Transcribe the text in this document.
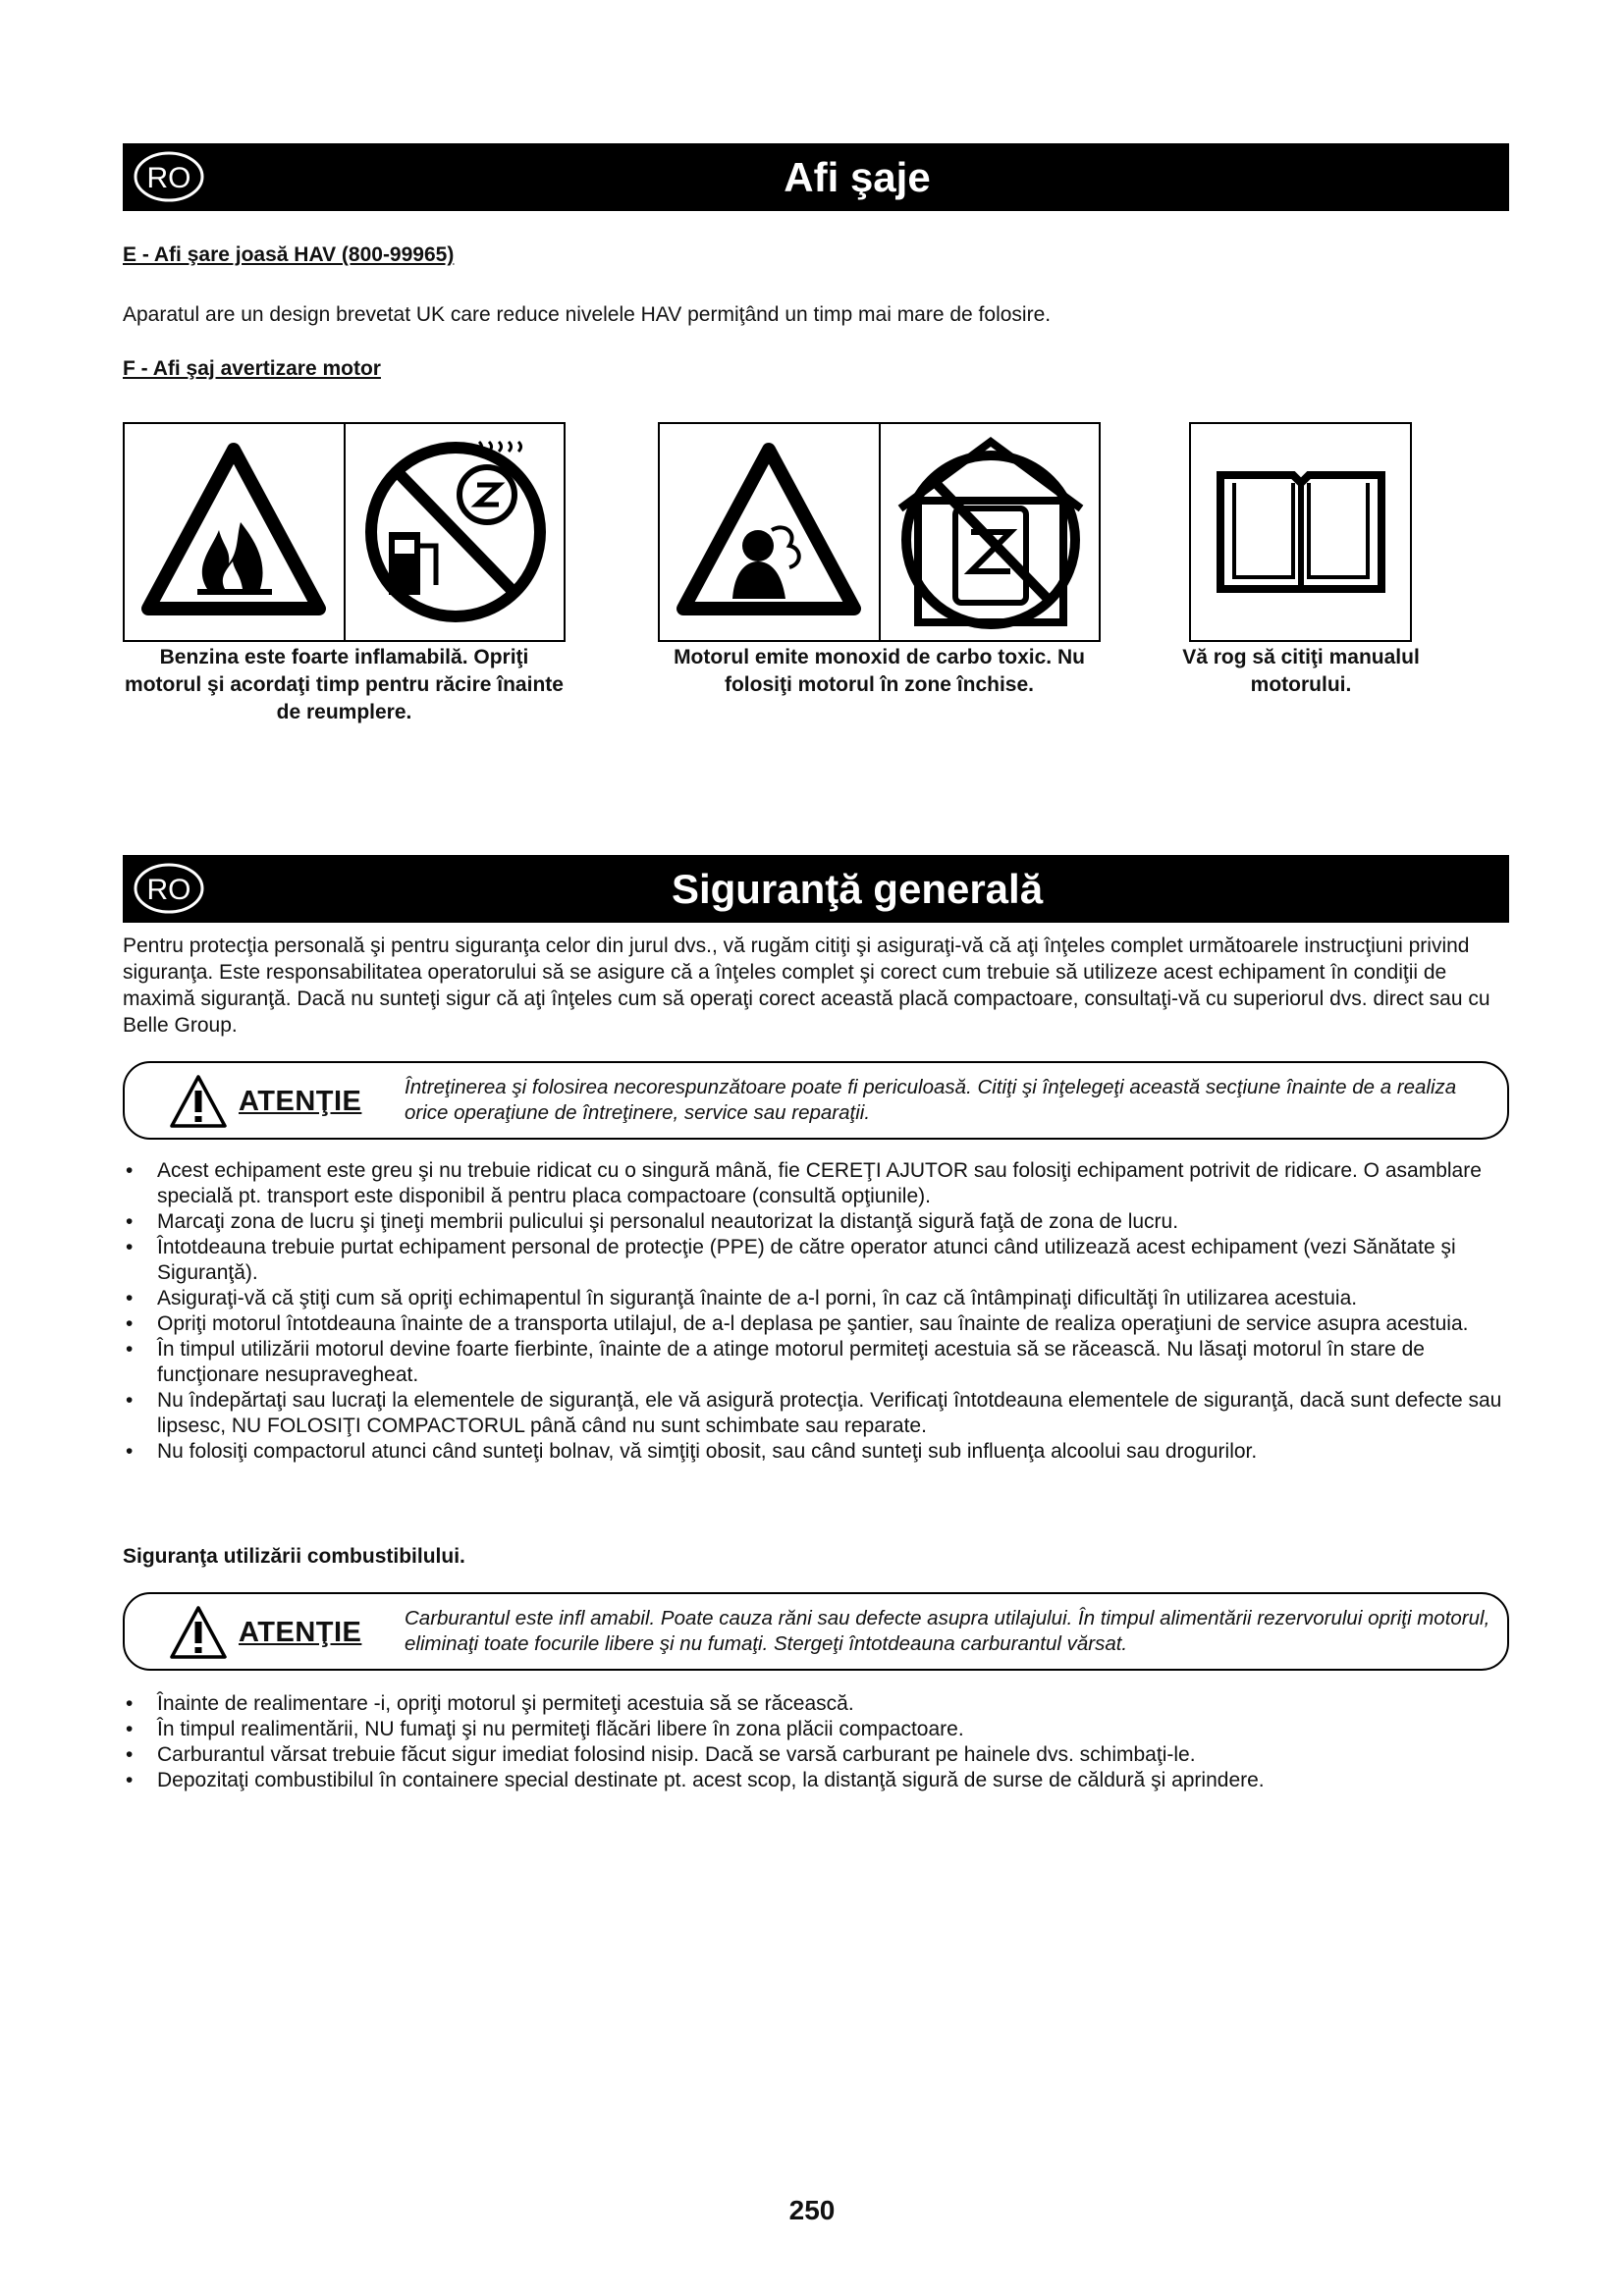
RO	Afi şaje
E - Afi şare joasă HAV (800-99965)
Aparatul are un design brevetat UK care reduce nivelele HAV permiţând un timp mai mare de folosire.
F - Afi şaj avertizare motor
Benzina este foarte inflamabilă. Opriţi motorul şi acordaţi timp pentru răcire înainte de reumplere.
Motorul emite monoxid de carbo toxic. Nu folosiţi motorul în zone închise.
Vă rog să citiţi manualul motorului.
RO	Siguranţă generală
Pentru protecţia personală şi pentru siguranţa celor din jurul dvs., vă rugăm citiţi şi asiguraţi-vă că aţi înţeles complet următoarele instrucţiuni privind siguranţa. Este responsabilitatea operatorului să se asigure că a înţeles complet şi corect cum trebuie să utilizeze acest echipament în condiţii de maximă siguranţă. Dacă nu sunteţi sigur că aţi înţeles cum să operaţi corect această placă compactoare, consultaţi-vă cu superiorul dvs. direct sau cu Belle Group.
ATENŢIE Întreţinerea şi folosirea necorespunzătoare poate fi periculoasă. Citiţi şi înţelegeţi această secţiune înainte de a realiza orice operaţiune de întreţinere, service sau reparaţii.
• Acest echipament este greu şi nu trebuie ridicat cu o singură mână, fie CEREŢI AJUTOR sau folosiţi echipament potrivit de ridicare. O asamblare specială pt. transport este disponibil ă pentru placa compactoare (consultă opţiunile).
• Marcaţi zona de lucru şi ţineţi membrii pulicului şi personalul neautorizat la distanţă sigură faţă de zona de lucru.
• Întotdeauna trebuie purtat echipament personal de protecţie (PPE) de către operator atunci când utilizează acest echipament (vezi Sănătate şi Siguranţă).
• Asiguraţi-vă că ştiţi cum să opriţi echimapentul în siguranţă înainte de a-l porni, în caz că întâmpinaţi dificultăţi în utilizarea acestuia.
• Opriţi motorul întotdeauna înainte de a transporta utilajul, de a-l deplasa pe şantier, sau înainte de realiza operaţiuni de service asupra acestuia.
• În timpul utilizării motorul devine foarte fierbinte, înainte de a atinge motorul permiteţi acestuia să se răcească. Nu lăsaţi motorul în stare de funcţionare nesupravegheat.
• Nu îndepărtaţi sau lucraţi la elementele de siguranţă, ele vă asigură protecţia. Verificaţi întotdeauna elementele de siguranţă, dacă sunt defecte sau lipsesc, NU FOLOSIŢI COMPACTORUL până când nu sunt schimbate sau reparate.
• Nu folosiţi compactorul atunci când sunteţi bolnav, vă simţiţi obosit, sau când sunteţi sub influenţa alcoolui sau drogurilor.
Siguranţa utilizării combustibilului.
ATENŢIE Carburantul este infl amabil. Poate cauza răni sau defecte asupra utilajului. În timpul alimentării rezervorului opriţi motorul, eliminaţi toate focurile libere şi nu fumaţi. Stergeţi întotdeauna carburantul vărsat.
• Înainte de realimentare -i, opriţi motorul şi permiteţi acestuia să se răcească.
• În timpul realimentării, NU fumaţi şi nu permiteţi flăcări libere în zona plăcii compactoare.
• Carburantul vărsat trebuie făcut sigur imediat folosind nisip. Dacă se varsă carburant pe hainele dvs. schimbaţi-le.
• Depozitaţi combustibilul în containere special destinate pt. acest scop, la distanţă sigură de surse de căldură şi aprindere.
250
